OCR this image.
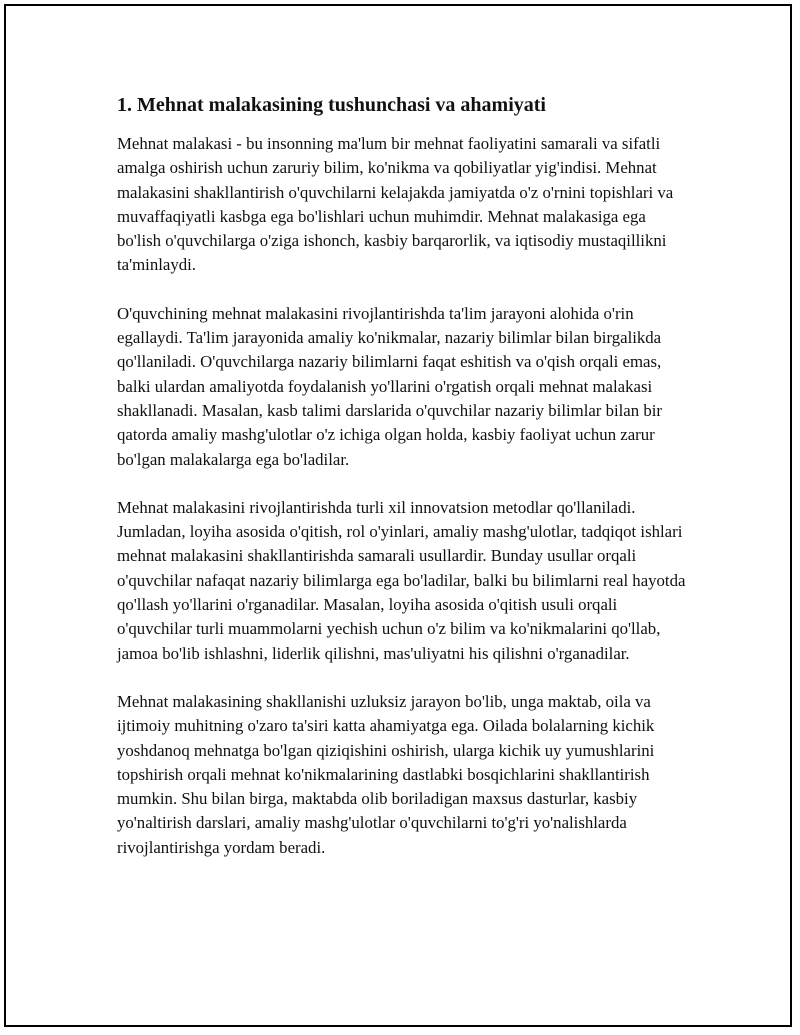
1. Mehnat malakasining tushunchasi va ahamiyati

Mehnat malakasi - bu insonning ma'lum bir mehnat faoliyatini samarali va sifatli amalga oshirish uchun zaruriy bilim, ko'nikma va qobiliyatlar yig'indisi. Mehnat malakasini shakllantirish o'quvchilarni kelajakda jamiyatda o'z o'rnini topishlari va muvaffaqiyatli kasbga ega bo'lishlari uchun muhimdir. Mehnat malakasiga ega bo'lish o'quvchilarga o'ziga ishonch, kasbiy barqarorlik, va iqtisodiy mustaqillikni ta'minlaydi.

O'quvchining mehnat malakasini rivojlantirishda ta'lim jarayoni alohida o'rin egallaydi. Ta'lim jarayonida amaliy ko'nikmalar, nazariy bilimlar bilan birgalikda qo'llaniladi. O'quvchilarga nazariy bilimlarni faqat eshitish va o'qish orqali emas, balki ulardan amaliyotda foydalanish yo'llarini o'rgatish orqali mehnat malakasi shakllanadi. Masalan, kasb talimi darslarida o'quvchilar nazariy bilimlar bilan bir qatorda amaliy mashg'ulotlar o'z ichiga olgan holda, kasbiy faoliyat uchun zarur bo'lgan malakalarga ega bo'ladilar.

Mehnat malakasini rivojlantirishda turli xil innovatsion metodlar qo'llaniladi. Jumladan, loyiha asosida o'qitish, rol o'yinlari, amaliy mashg'ulotlar, tadqiqot ishlari mehnat malakasini shakllantirishda samarali usullardir. Bunday usullar orqali o'quvchilar nafaqat nazariy bilimlarga ega bo'ladilar, balki bu bilimlarni real hayotda qo'llash yo'llarini o'rganadilar. Masalan, loyiha asosida o'qitish usuli orqali o'quvchilar turli muammolarni yechish uchun o'z bilim va ko'nikmalarini qo'llab, jamoa bo'lib ishlashni, liderlik qilishni, mas'uliyatni his qilishni o'rganadilar.

Mehnat malakasining shakllanishi uzluksiz jarayon bo'lib, unga maktab, oila va ijtimoiy muhitning o'zaro ta'siri katta ahamiyatga ega. Oilada bolalarning kichik yoshdanoq mehnatga bo'lgan qiziqishini oshirish, ularga kichik uy yumushlarini topshirish orqali mehnat ko'nikmalarining dastlabki bosqichlarini shakllantirish mumkin. Shu bilan birga, maktabda olib boriladigan maxsus dasturlar, kasbiy yo'naltirish darslari, amaliy mashg'ulotlar o'quvchilarni to'g'ri yo'nalishlarda rivojlantirishga yordam beradi.
